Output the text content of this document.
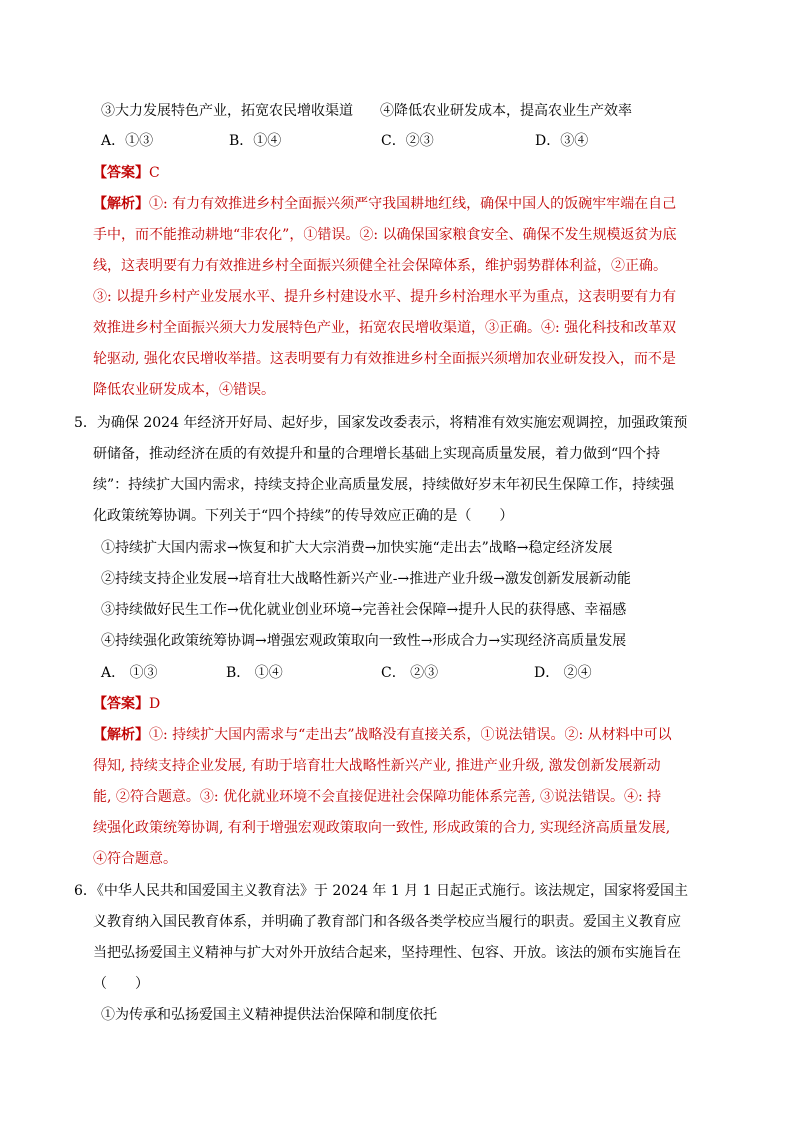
③大力发展特色产业，拓宽农民增收渠道 ④降低农业研发成本，提高农业生产效率
A．①③	B．①④	C．②③	D．③④
【答案】C
【解析】①: 有力有效推进乡村全面振兴须严守我国耕地红线，确保中国人的饭碗牢牢端在自己
手中，而不能推动耕地“非农化”，①错误。②: 以确保国家粮食安全、确保不发生规模返贫为底
线，这表明要有力有效推进乡村全面振兴须健全社会保障体系，维护弱势群体利益，②正确。
③: 以提升乡村产业发展水平、提升乡村建设水平、提升乡村治理水平为重点，这表明要有力有
效推进乡村全面振兴须大力发展特色产业，拓宽农民增收渠道，③正确。④: 强化科技和改革双
轮驱动, 强化农民增收举措。这表明要有力有效推进乡村全面振兴须增加农业研发投入，而不是
降低农业研发成本，④错误。
5．为确保 2024 年经济开好局、起好步，国家发改委表示，将精准有效实施宏观调控，加强政策预
研储备，推动经济在质的有效提升和量的合理增长基础上实现高质量发展，着力做到“四个持
续”：持续扩大国内需求，持续支持企业高质量发展，持续做好岁末年初民生保障工作，持续强
化政策统筹协调。下列关于“四个持续”的传导效应正确的是（　　）
①持续扩大国内需求→恢复和扩大大宗消费→加快实施“走出去”战略→稳定经济发展
②持续支持企业发展→培育壮大战略性新兴产业-→推进产业升级→激发创新发展新动能
③持续做好民生工作→优化就业创业环境→完善社会保障→提升人民的获得感、幸福感
④持续强化政策统筹协调→增强宏观政策取向一致性→形成合力→实现经济高质量发展
A． ①③	B． ①④	C． ②③	D． ②④
【答案】D
【解析】①: 持续扩大国内需求与“走出去”战略没有直接关系，①说法错误。②: 从材料中可以
得知, 持续支持企业发展, 有助于培育壮大战略性新兴产业, 推进产业升级, 激发创新发展新动
能, ②符合题意。③: 优化就业环境不会直接促进社会保障功能体系完善, ③说法错误。④: 持
续强化政策统筹协调, 有利于增强宏观政策取向一致性, 形成政策的合力, 实现经济高质量发展,
④符合题意。
6．《中华人民共和国爱国主义教育法》于 2024 年 1 月 1 日起正式施行。该法规定，国家将爱国主
义教育纳入国民教育体系，并明确了教育部门和各级各类学校应当履行的职责。爱国主义教育应
当把弘扬爱国主义精神与扩大对外开放结合起来，坚持理性、包容、开放。该法的颁布实施旨在
（　　）
①为传承和弘扬爱国主义精神提供法治保障和制度依托
